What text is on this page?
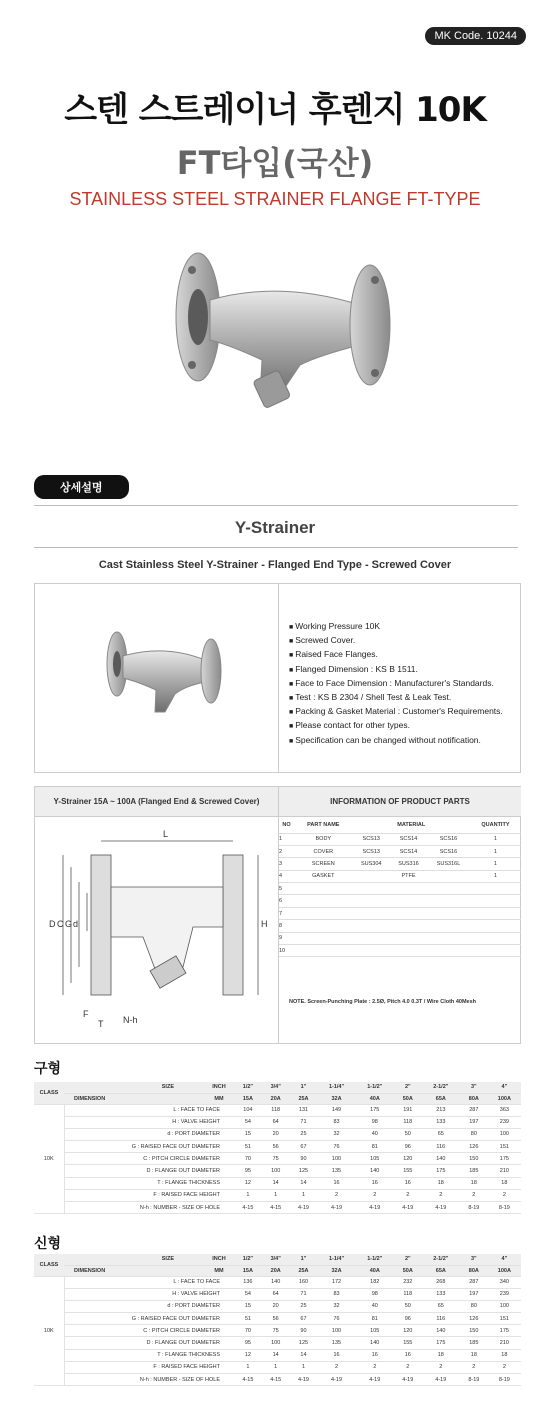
MK Code. 10244
스텐 스트레이너 후렌지 10K
FT타입(국산)
STAINLESS STEEL STRAINER FLANGE FT-TYPE
상세설명
Y-Strainer
Cast Stainless Steel Y-Strainer - Flanged End Type - Screwed Cover
■ Working Pressure 10K
■ Screwed Cover.
■ Raised Face Flanges.
■ Flanged Dimension : KS B 1511.
■ Face to Face Dimension : Manufacturer's Standards.
■ Test : KS B 2304 / Shell Test & Leak Test.
■ Packing & Gasket Material : Customer's Requirements.
■ Please contact for other types.
■ Specification can be changed without notification.
Y-Strainer 15A ~ 100A (Flanged End & Screwed Cover)	INFORMATION OF PRODUCT PARTS
L
H
D C G d
F
T N-h
NO	PART NAME	MATERIAL			QUANTITY
1	BODY	SCS13	SCS14	SCS16	1
2	COVER	SCS13	SCS14	SCS16	1
3	SCREEN	SUS304	SUS316	SUS316L	1
4	GASKET		PTFE		1
5					
6					
7					
8					
9					
10					
NOTE. Screen-Punching Plate : 2.5Ø, Pitch 4.0 0.3T / Wire Cloth 40Mesh
구형
CLASS	SIZE	INCH	1/2"	3/4"	1"	1-1/4"	1-1/2"	2"	2-1/2"	3"	4"
	DIMENSION	MM	15A	20A	25A	32A	40A	50A	65A	80A	100A
10K	L : FACE TO FACE		104	118	131	149	175	191	213	287	363
	H : VALVE HEIGHT		54	64	71	83	98	118	133	197	239
	d : PORT DIAMETER		15	20	25	32	40	50	65	80	100
	G : RAISED FACE OUT DIAMETER		51	56	67	76	81	96	116	126	151
	C : PITCH CIRCLE DIAMETER		70	75	90	100	105	120	140	150	175
	D : FLANGE OUT DIAMETER		95	100	125	135	140	155	175	185	210
	T : FLANGE THICKNESS		12	14	14	16	16	16	18	18	18
	F : RAISED FACE HEIGHT		1	1	1	2	2	2	2	2	2
	N-h : NUMBER - SIZE OF HOLE		4-15	4-15	4-19	4-19	4-19	4-19	4-19	8-19	8-19
신형
CLASS	SIZE	INCH	1/2"	3/4"	1"	1-1/4"	1-1/2"	2"	2-1/2"	3"	4"
	DIMENSION	MM	15A	20A	25A	32A	40A	50A	65A	80A	100A
10K	L : FACE TO FACE		136	140	160	172	182	232	268	287	340
	H : VALVE HEIGHT		54	64	71	83	98	118	133	197	239
	d : PORT DIAMETER		15	20	25	32	40	50	65	80	100
	G : RAISED FACE OUT DIAMETER		51	56	67	76	81	96	116	126	151
	C : PITCH CIRCLE DIAMETER		70	75	90	100	105	120	140	150	175
	D : FLANGE OUT DIAMETER		95	100	125	135	140	155	175	185	210
	T : FLANGE THICKNESS		12	14	14	16	16	16	18	18	18
	F : RAISED FACE HEIGHT		1	1	1	2	2	2	2	2	2
	N-h : NUMBER - SIZE OF HOLE		4-15	4-15	4-19	4-19	4-19	4-19	4-19	8-19	8-19
